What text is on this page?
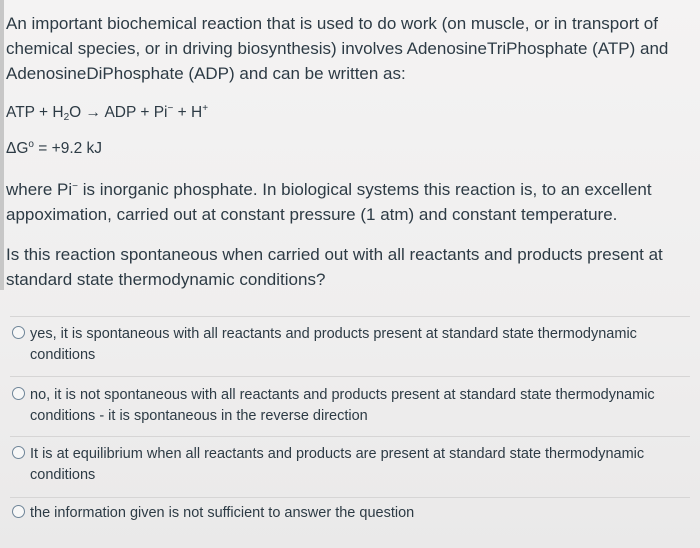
An important biochemical reaction that is used to do work (on muscle, or in transport of
chemical species, or in driving biosynthesis) involves AdenosineTriPhosphate (ATP) and
AdenosineDiPhosphate (ADP) and can be written as:

ATP + $H_2O$ → ADP + Pi− + H+

$\Delta G^o = +9.2$ kJ

where Pi− is inorganic phosphate. In biological systems this reaction is, to an excellent
appoximation, carried out at constant pressure (1 atm) and constant temperature.

Is this reaction spontaneous when carried out with all reactants and products present at
standard state thermodynamic conditions?

yes, it is spontaneous with all reactants and products present at standard state thermodynamic
conditions
no, it is not spontaneous with all reactants and products present at standard state thermodynamic
conditions - it is spontaneous in the reverse direction
It is at equilibrium when all reactants and products are present at standard state thermodynamic
conditions
the information given is not sufficient to answer the question
